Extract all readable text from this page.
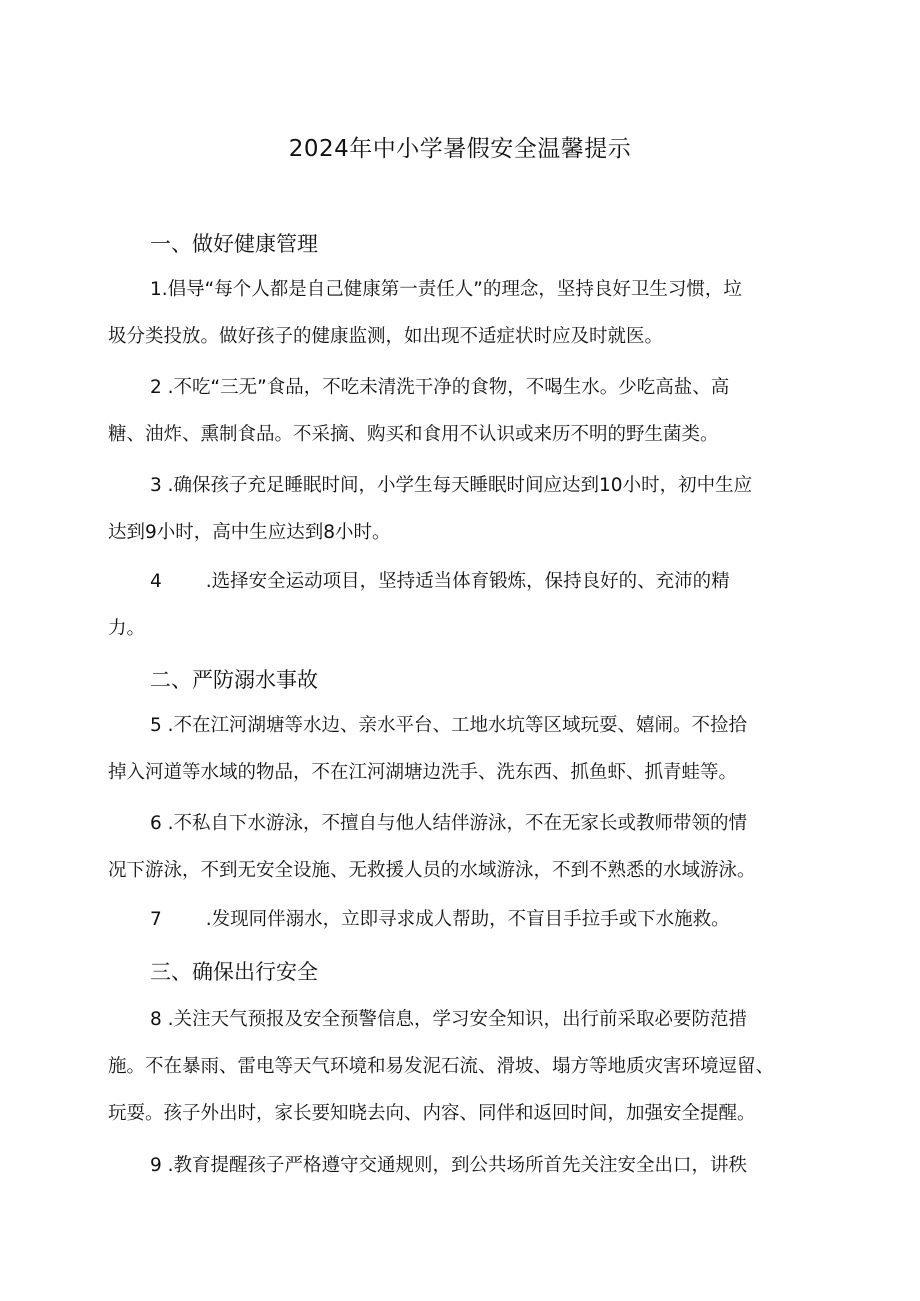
2024年中小学暑假安全温馨提示
一、做好健康管理
1.倡导“每个人都是自己健康第一责任人”的理念，坚持良好卫生习惯，垃
圾分类投放。做好孩子的健康监测，如出现不适症状时应及时就医。
2 .不吃“三无”食品，不吃未清洗干净的食物，不喝生水。少吃高盐、高
糖、油炸、熏制食品。不采摘、购买和食用不认识或来历不明的野生菌类。
3 .确保孩子充足睡眠时间，小学生每天睡眠时间应达到10小时，初中生应
达到9小时，高中生应达到8小时。
4 .选择安全运动项目，坚持适当体育锻炼，保持良好的、充沛的精
力。
二、严防溺水事故
5 .不在江河湖塘等水边、亲水平台、工地水坑等区域玩耍、嬉闹。不捡拾
掉入河道等水域的物品，不在江河湖塘边洗手、洗东西、抓鱼虾、抓青蛙等。
6 .不私自下水游泳，不擅自与他人结伴游泳，不在无家长或教师带领的情
况下游泳，不到无安全设施、无救援人员的水域游泳，不到不熟悉的水域游泳。
7 .发现同伴溺水，立即寻求成人帮助，不盲目手拉手或下水施救。
三、确保出行安全
8 .关注天气预报及安全预警信息，学习安全知识，出行前采取必要防范措
施。不在暴雨、雷电等天气环境和易发泥石流、滑坡、塌方等地质灾害环境逗留、
玩耍。孩子外出时，家长要知晓去向、内容、同伴和返回时间，加强安全提醒。
9 .教育提醒孩子严格遵守交通规则，到公共场所首先关注安全出口，讲秩
